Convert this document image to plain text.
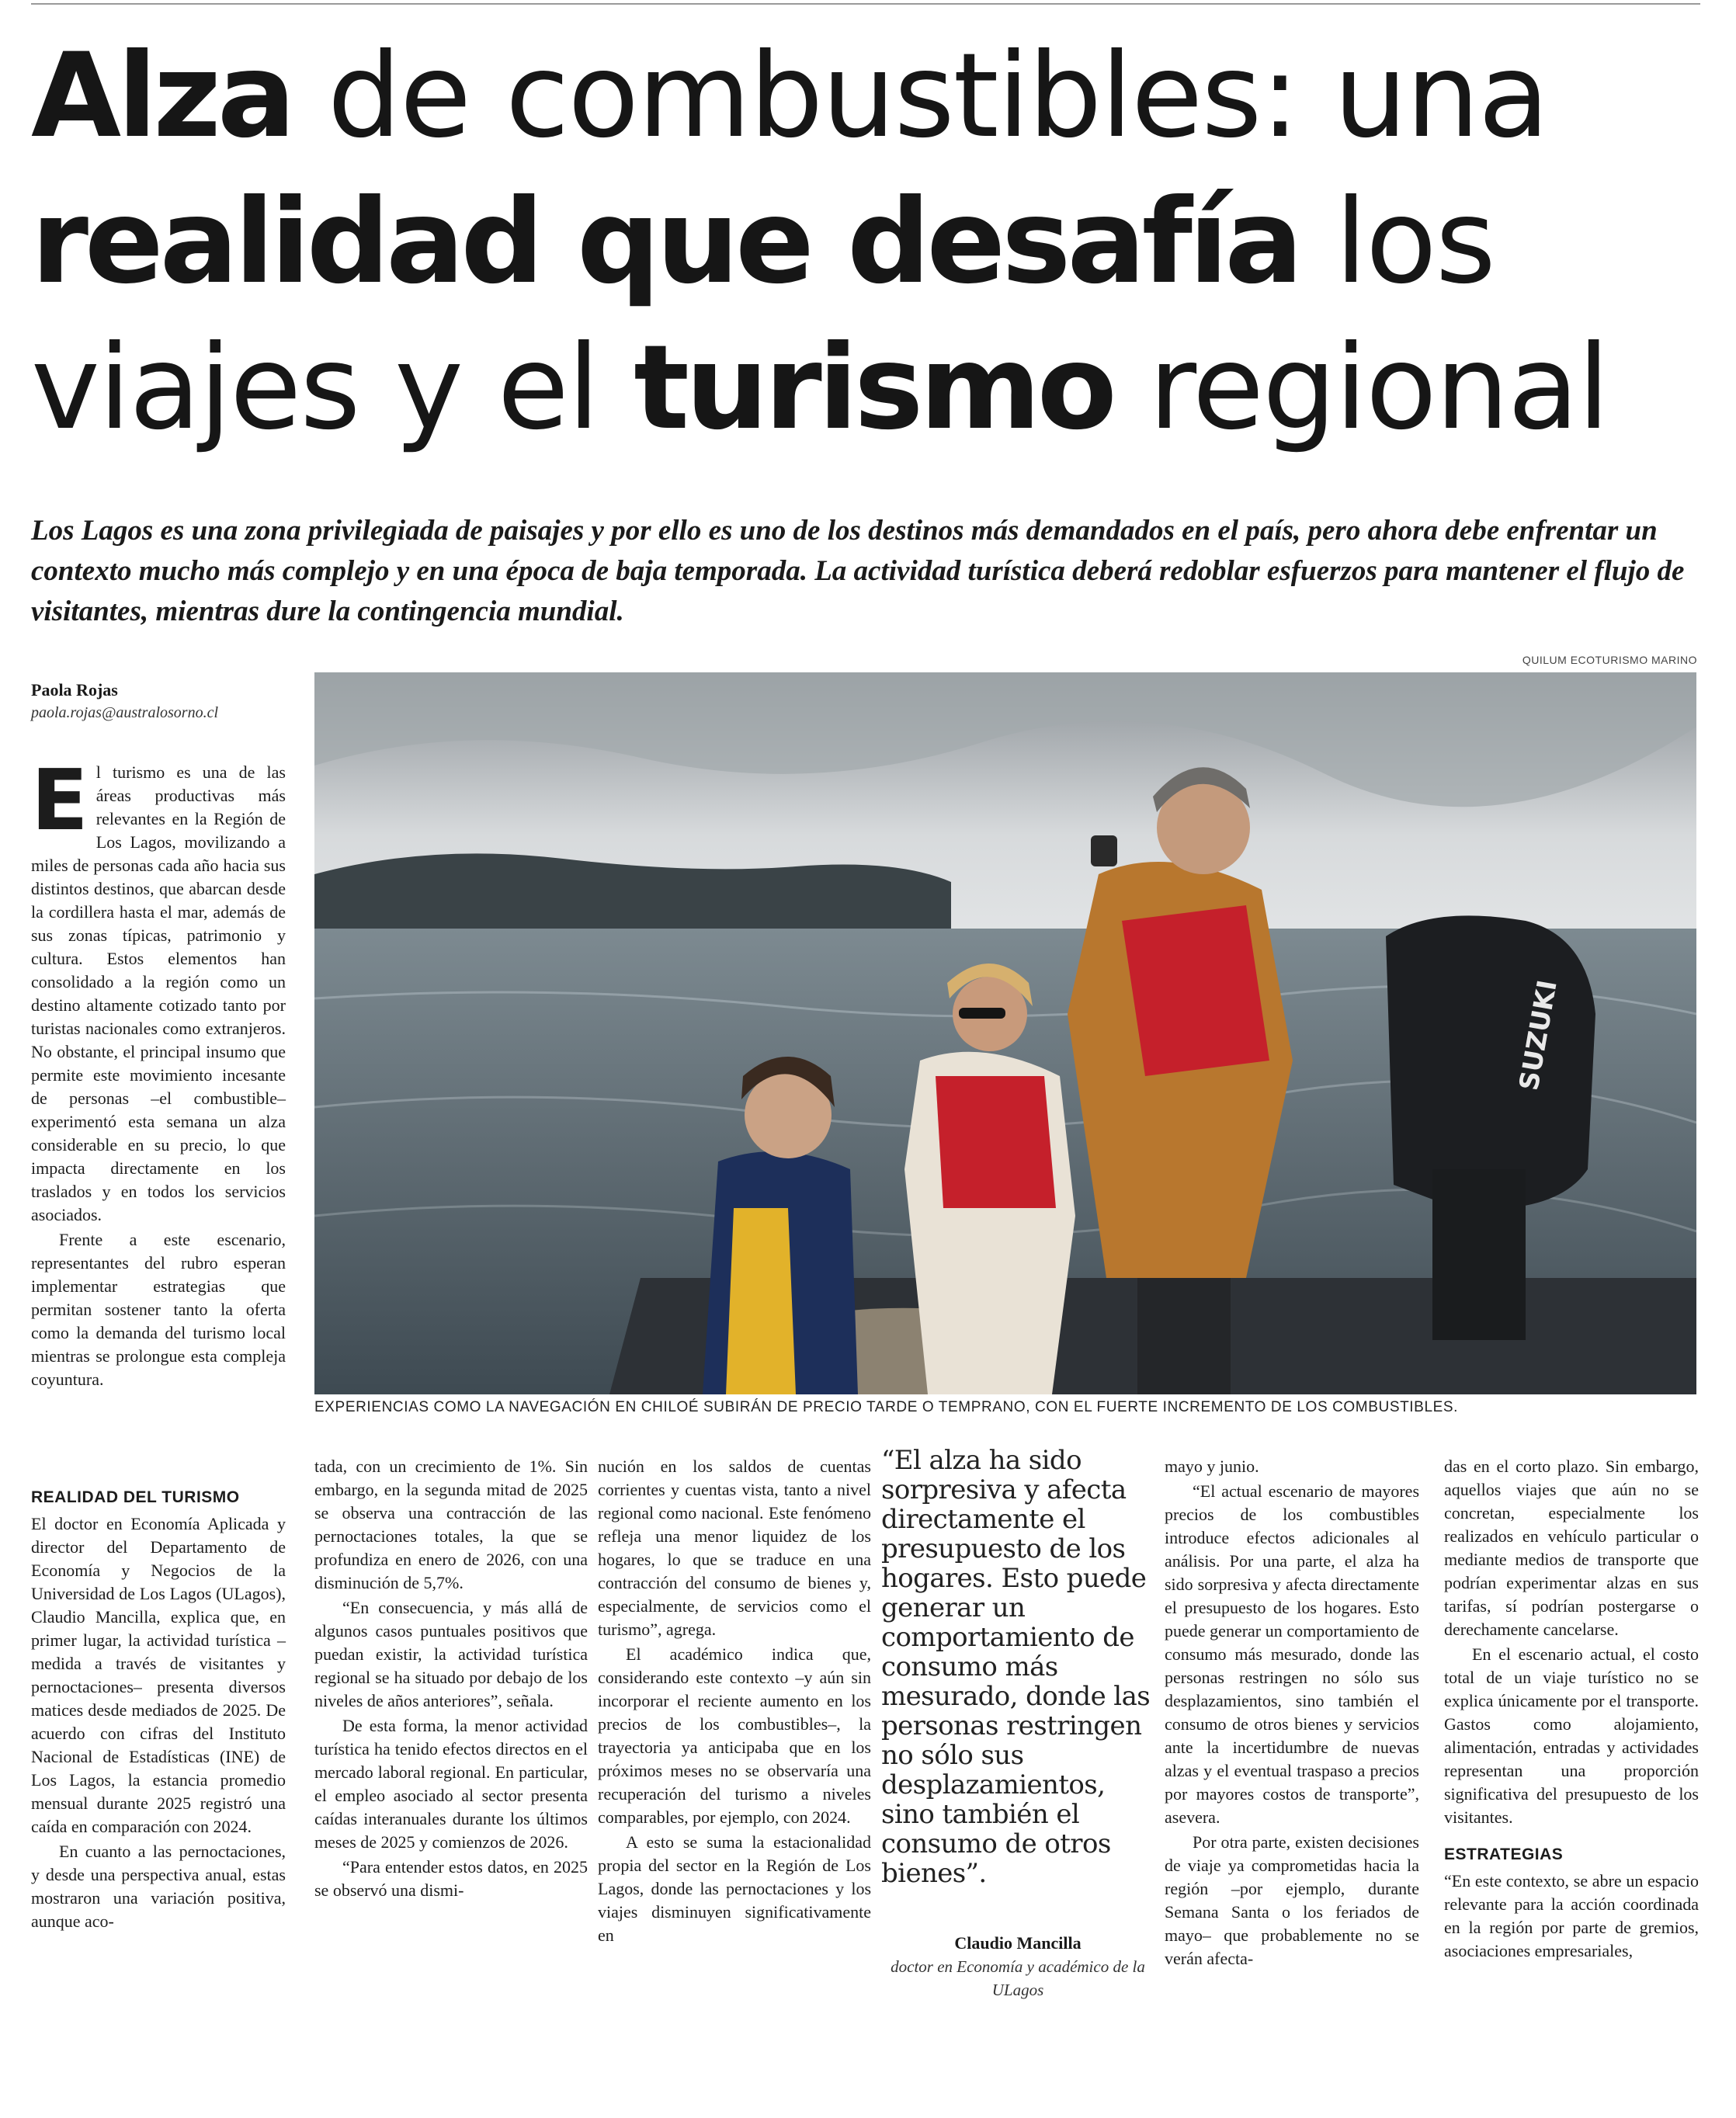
Alza de combustibles: una
realidad que desafía los
viajes y el turismo regional

Los Lagos es una zona privilegiada de paisajes y por ello es uno de los destinos más demandados en el país, pero ahora debe enfrentar un contexto mucho más complejo y en una época de baja temporada. La actividad turística deberá redoblar esfuerzos para mantener el flujo de visitantes, mientras dure la contingencia mundial.

QUILUM ECOTURISMO MARINO
Paola Rojas
paola.rojas@australosorno.cl
SUZUKI
EXPERIENCIAS COMO LA NAVEGACIÓN EN CHILOÉ SUBIRÁN DE PRECIO TARDE O TEMPRANO, CON EL FUERTE INCREMENTO DE LOS COMBUSTIBLES.

El turismo es una de las áreas productivas más relevantes en la Región de Los Lagos, movilizando a miles de personas cada año hacia sus distintos destinos, que abarcan desde la cordillera hasta el mar, además de sus zonas típicas, patrimonio y cultura. Estos elementos han consolidado a la región como un destino altamente cotizado tanto por turistas nacionales como extranjeros. No obstante, el principal insumo que permite este movimiento incesante de personas –el combustible– experimentó esta semana un alza considerable en su precio, lo que impacta directamente en los traslados y en todos los servicios asociados.

Frente a este escenario, representantes del rubro esperan implementar estrategias que permitan sostener tanto la oferta como la demanda del turismo local mientras se prolongue esta compleja coyuntura.

REALIDAD DEL TURISMO

El doctor en Economía Aplicada y director del Departamento de Economía y Negocios de la Universidad de Los Lagos (ULagos), Claudio Mancilla, explica que, en primer lugar, la actividad turística –medida a través de visitantes y pernoctaciones– presenta diversos matices desde mediados de 2025. De acuerdo con cifras del Instituto Nacional de Estadísticas (INE) de Los Lagos, la estancia promedio mensual durante 2025 registró una caída en comparación con 2024.

En cuanto a las pernoctaciones, y desde una perspectiva anual, estas mostraron una variación positiva, aunque aco-

tada, con un crecimiento de 1%. Sin embargo, en la segunda mitad de 2025 se observa una contracción de las pernoctaciones totales, la que se profundiza en enero de 2026, con una disminución de 5,7%.

“En consecuencia, y más allá de algunos casos puntuales positivos que puedan existir, la actividad turística regional se ha situado por debajo de los niveles de años anteriores”, señala.

De esta forma, la menor actividad turística ha tenido efectos directos en el mercado laboral regional. En particular, el empleo asociado al sector presenta caídas interanuales durante los últimos meses de 2025 y comienzos de 2026.

“Para entender estos datos, en 2025 se observó una dismi-

nución en los saldos de cuentas corrientes y cuentas vista, tanto a nivel regional como nacional. Este fenómeno refleja una menor liquidez de los hogares, lo que se traduce en una contracción del consumo de bienes y, especialmente, de servicios como el turismo”, agrega.

El académico indica que, considerando este contexto –y aún sin incorporar el reciente aumento en los precios de los combustibles–, la trayectoria ya anticipaba que en los próximos meses no se observaría una recuperación del turismo a niveles comparables, por ejemplo, con 2024.

A esto se suma la estacionalidad propia del sector en la Región de Los Lagos, donde las pernoctaciones y los viajes disminuyen significativamente en

“El alza ha sido sorpresiva y afecta directamente el presupuesto de los hogares. Esto puede generar un comportamiento de consumo más mesurado, donde las personas restringen no sólo sus desplazamientos, sino también el consumo de otros bienes”.
Claudio Mancilla
doctor en Economía y académico de la ULagos

mayo y junio.

“El actual escenario de mayores precios de los combustibles introduce efectos adicionales al análisis. Por una parte, el alza ha sido sorpresiva y afecta directamente el presupuesto de los hogares. Esto puede generar un comportamiento de consumo más mesurado, donde las personas restringen no sólo sus desplazamientos, sino también el consumo de otros bienes y servicios ante la incertidumbre de nuevas alzas y el eventual traspaso a precios por mayores costos de transporte”, asevera.

Por otra parte, existen decisiones de viaje ya comprometidas hacia la región –por ejemplo, durante Semana Santa o los feriados de mayo– que probablemente no se verán afecta-

das en el corto plazo. Sin embargo, aquellos viajes que aún no se concretan, especialmente los realizados en vehículo particular o mediante medios de transporte que podrían experimentar alzas en sus tarifas, sí podrían postergarse o derechamente cancelarse.

En el escenario actual, el costo total de un viaje turístico no se explica únicamente por el transporte. Gastos como alojamiento, alimentación, entradas y actividades representan una proporción significativa del presupuesto de los visitantes.

ESTRATEGIAS

“En este contexto, se abre un espacio relevante para la acción coordinada en la región por parte de gremios, asociaciones empresariales,
